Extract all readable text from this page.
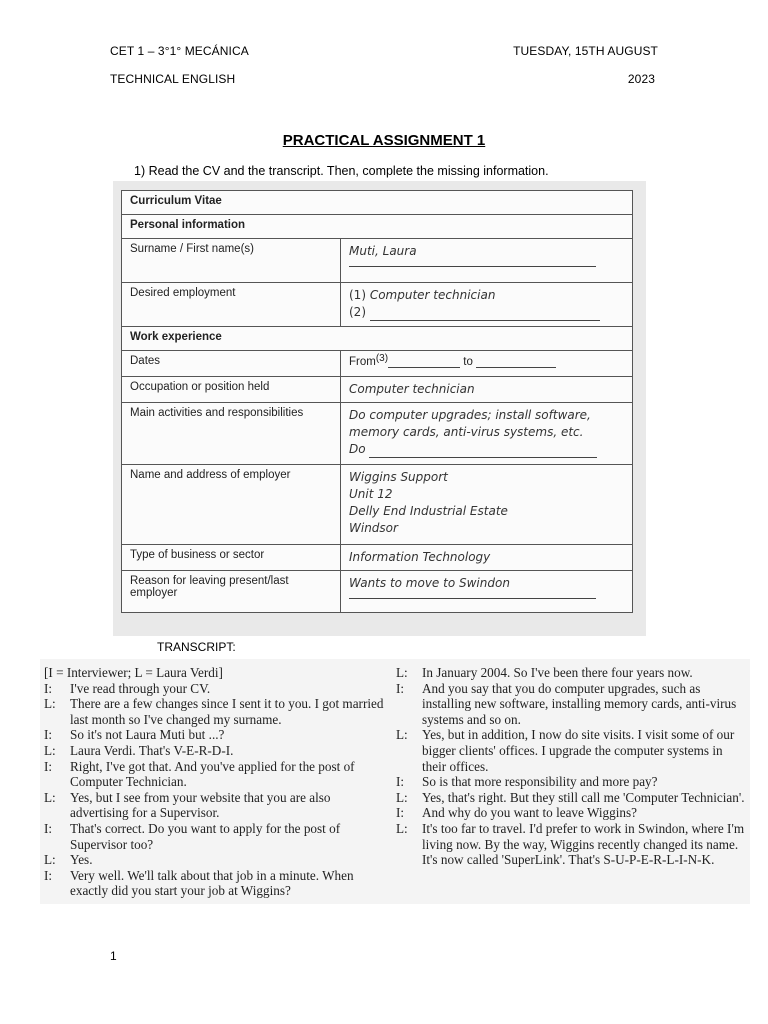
CET 1 – 3°1° MECÁNICA
TECHNICAL ENGLISH
TUESDAY, 15TH AUGUST
2023
PRACTICAL ASSIGNMENT 1
1) Read the CV and the transcript. Then, complete the missing information.
Curriculum Vitae	
Personal information	
Surname / First name(s)	Muti, Laura

Desired employment	(1) Computer technician
(2)

Work experience	
Dates	From(3) to
Occupation or position held	Computer technician
Main activities and responsibilities	Do computer upgrades; install software,
memory cards, anti-virus systems, etc.
Do

Name and address of employer	Wiggins Support
Unit 12
Delly End Industrial Estate
Windsor

Type of business or sector	Information Technology
Reason for leaving present/last employer	Wants to move to Swindon
TRANSCRIPT:
[I = Interviewer; L = Laura Verdi]
I:	I've read through your CV.
L:	There are a few changes since I sent it to you. I got married last month so I've changed my surname.
I:	So it's not Laura Muti but ...?
L:	Laura Verdi. That's V-E-R-D-I.
I:	Right, I've got that. And you've applied for the post of Computer Technician.
L:	Yes, but I see from your website that you are also advertising for a Supervisor.
I:	That's correct. Do you want to apply for the post of Supervisor too?
L:	Yes.
I:	Very well. We'll talk about that job in a minute. When exactly did you start your job at Wiggins?
L:	In January 2004. So I've been there four years now.
I:	And you say that you do computer upgrades, such as installing new software, installing memory cards, anti-virus systems and so on.
L:	Yes, but in addition, I now do site visits. I visit some of our bigger clients' offices. I upgrade the computer systems in their offices.
I:	So is that more responsibility and more pay?
L:	Yes, that's right. But they still call me 'Computer Technician'.
I:	And why do you want to leave Wiggins?
L:	It's too far to travel. I'd prefer to work in Swindon, where I'm living now. By the way, Wiggins recently changed its name. It's now called 'SuperLink'. That's S-U-P-E-R-L-I-N-K.
1
